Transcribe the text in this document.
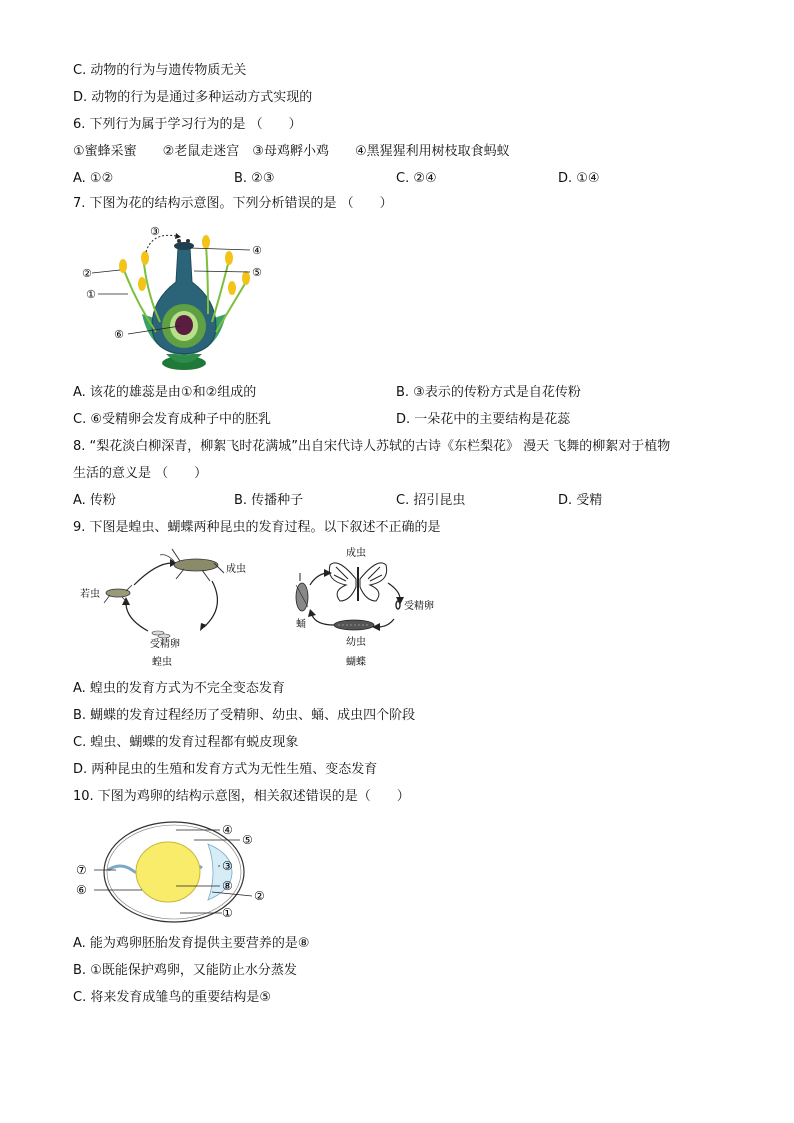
C. 动物的行为与遗传物质无关
D. 动物的行为是通过多种运动方式实现的
6. 下列行为属于学习行为的是 （　　）
①蜜蜂采蜜　　②老鼠走迷宫　③母鸡孵小鸡　　④黑猩猩利用树枝取食蚂蚁
A. ①②	B. ②③	C. ②④	D. ①④
7. 下图为花的结构示意图。下列分析错误的是 （　　）
②
①
③
④
⑤
⑥
A. 该花的雄蕊是由①和②组成的	B. ③表示的传粉方式是自花传粉
C. ⑥受精卵会发育成种子中的胚乳	D. 一朵花中的主要结构是花蕊
8. “梨花淡白柳深青，柳絮飞时花满城”出自宋代诗人苏轼的古诗《东栏梨花》 漫天 飞舞的柳絮对于植物
生活的意义是 （　　）
A. 传粉	B. 传播种子	C. 招引昆虫	D. 受精
9. 下图是蝗虫、蝴蝶两种昆虫的发育过程。以下叙述不正确的是
成虫
若虫
受精卵
蝗虫
成虫
受精卵
幼虫
蛹
蝴蝶
A. 蝗虫的发育方式为不完全变态发育
B. 蝴蝶的发育过程经历了受精卵、幼虫、蛹、成虫四个阶段
C. 蝗虫、蝴蝶的发育过程都有蜕皮现象
D. 两种昆虫的生殖和发育方式为无性生殖、变态发育
10. 下图为鸡卵的结构示意图，相关叙述错误的是（　　）
④
⑤
③
⑧
②
①
⑦
⑥
A. 能为鸡卵胚胎发育提供主要营养的是⑧
B. ①既能保护鸡卵，又能防止水分蒸发
C. 将来发育成雏鸟的重要结构是⑤
